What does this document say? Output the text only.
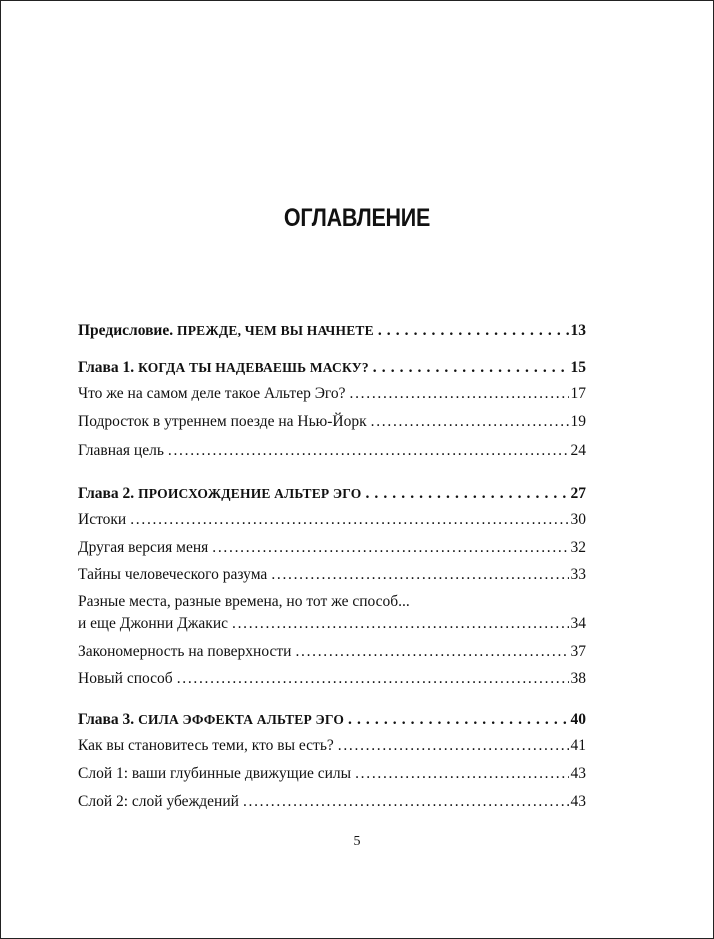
ОГЛАВЛЕНИЕ
Предисловие. ПРЕЖДЕ, ЧЕМ ВЫ НАЧНЕТЕ . . .	13
Глава 1. КОГДА ТЫ НАДЕВАЕШЬ МАСКУ? . . .	15
Что же на самом деле такое Альтер Эго? .....	17
Подросток в утреннем поезде на Нью-Йорк .....	19
Главная цель .....	24
Глава 2. ПРОИСХОЖДЕНИЕ АЛЬТЕР ЭГО . . .	27
Истоки .....	30
Другая версия меня .....	32
Тайны человеческого разума .....	33
Разные места, разные времена, но тот же способ...
и еще Джонни Джакис .....	34
Закономерность на поверхности .....	37
Новый способ .....	38
Глава 3. СИЛА ЭФФЕКТА АЛЬТЕР ЭГО . . .	40
Как вы становитесь теми, кто вы есть? .....	41
Слой 1: ваши глубинные движущие силы .....	43
Слой 2: слой убеждений .....	43
5
